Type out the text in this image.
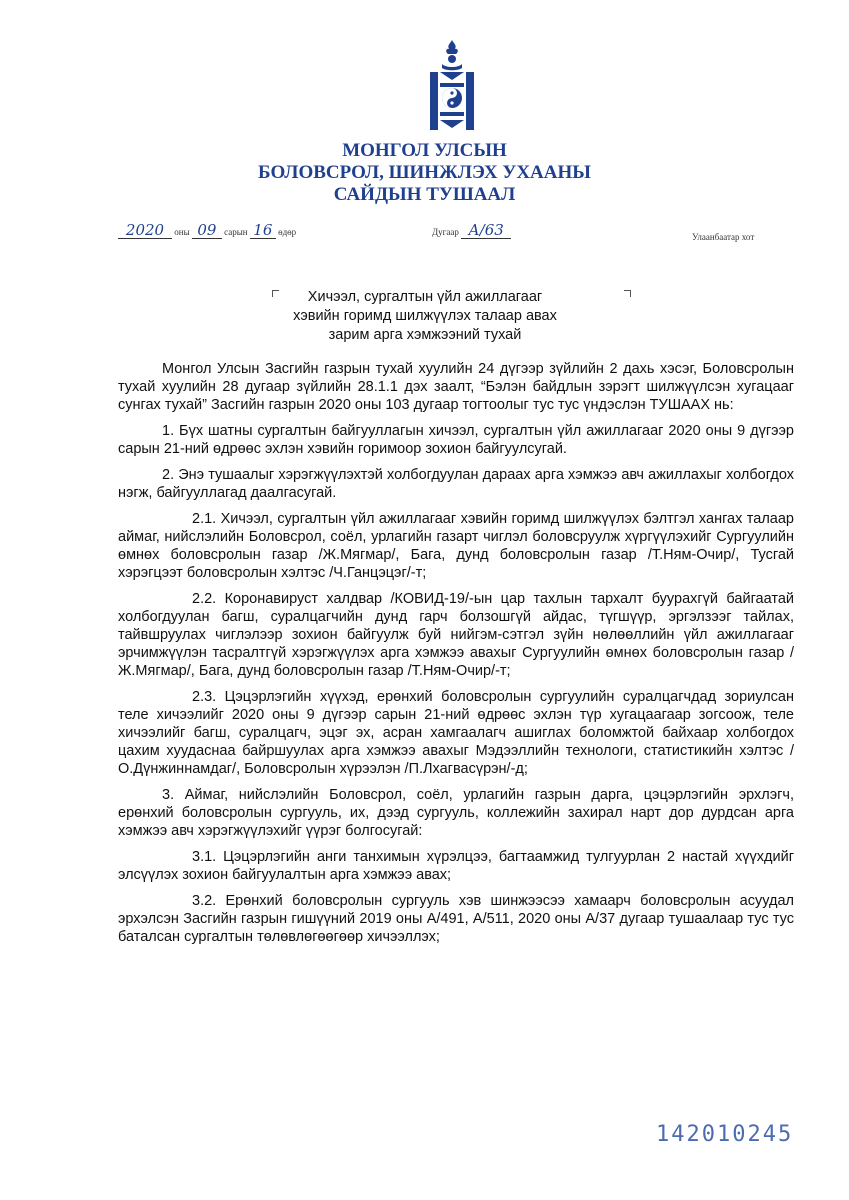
МОНГОЛ УЛСЫН
БОЛОВСРОЛ, ШИНЖЛЭХ УХААНЫ
САЙДЫН ТУШААЛ
2020 оны 09 сарын 16 өдөр	Дугаар А/63	Улаанбаатар хот
Хичээл, сургалтын үйл ажиллагааг
хэвийн горимд шилжүүлэх талаар авах
зарим арга хэмжээний тухай

Монгол Улсын Засгийн газрын тухай хуулийн 24 дүгээр зүйлийн 2 дахь хэсэг, Боловсролын тухай хуулийн 28 дугаар зүйлийн 28.1.1 дэх заалт, “Бэлэн байдлын зэрэгт шилжүүлсэн хугацааг сунгах тухай” Засгийн газрын 2020 оны 103 дугаар тогтоолыг тус тус үндэслэн ТУШААХ нь:

1. Бүх шатны сургалтын байгууллагын хичээл, сургалтын үйл ажиллагааг 2020 оны 9 дүгээр сарын 21-ний өдрөөс эхлэн хэвийн горимоор зохион байгуулсугай.

2. Энэ тушаалыг хэрэгжүүлэхтэй холбогдуулан дараах арга хэмжээ авч ажиллахыг холбогдох нэгж, байгууллагад даалгасугай.

2.1. Хичээл, сургалтын үйл ажиллагааг хэвийн горимд шилжүүлэх бэлтгэл хангах талаар аймаг, нийслэлийн Боловсрол, соёл, урлагийн газарт чиглэл боловсруулж хүргүүлэхийг Сургуулийн өмнөх боловсролын газар /Ж.Мягмар/, Бага, дунд боловсролын газар /Т.Ням-Очир/, Тусгай хэрэгцээт боловсролын хэлтэс /Ч.Ганцэцэг/-т;

2.2. Коронавируст халдвар /КОВИД-19/-ын цар тахлын тархалт буурахгүй байгаатай холбогдуулан багш, суралцагчийн дунд гарч болзошгүй айдас, түгшүүр, эргэлзээг тайлах, тайвшруулах чиглэлээр зохион байгуулж буй нийгэм-сэтгэл зүйн нөлөөллийн үйл ажиллагааг эрчимжүүлэн тасралтгүй хэрэгжүүлэх арга хэмжээ авахыг Сургуулийн өмнөх боловсролын газар /Ж.Мягмар/, Бага, дунд боловсролын газар /Т.Ням-Очир/-т;

2.3. Цэцэрлэгийн хүүхэд, ерөнхий боловсролын сургуулийн суралцагчдад зориулсан теле хичээлийг 2020 оны 9 дүгээр сарын 21-ний өдрөөс эхлэн түр хугацаагаар зогсоож, теле хичээлийг багш, суралцагч, эцэг эх, асран хамгаалагч ашиглах боломжтой байхаар холбогдох цахим хуудаснаа байршуулах арга хэмжээ авахыг Мэдээллийн технологи, статистикийн хэлтэс /О.Дүнжиннамдаг/, Боловсролын хүрээлэн /П.Лхагвасүрэн/-д;

3. Аймаг, нийслэлийн Боловсрол, соёл, урлагийн газрын дарга, цэцэрлэгийн эрхлэгч, ерөнхий боловсролын сургууль, их, дээд сургууль, коллежийн захирал нарт дор дурдсан арга хэмжээ авч хэрэгжүүлэхийг үүрэг болгосугай:

3.1. Цэцэрлэгийн анги танхимын хүрэлцээ, багтаамжид тулгуурлан 2 настай хүүхдийг элсүүлэх зохион байгуулалтын арга хэмжээ авах;

3.2. Ерөнхий боловсролын сургууль хэв шинжээсээ хамаарч боловсролын асуудал эрхэлсэн Засгийн газрын гишүүний 2019 оны А/491, А/511, 2020 оны А/37 дугаар тушаалаар тус тус баталсан сургалтын төлөвлөгөөгөөр хичээллэх;

142010245
